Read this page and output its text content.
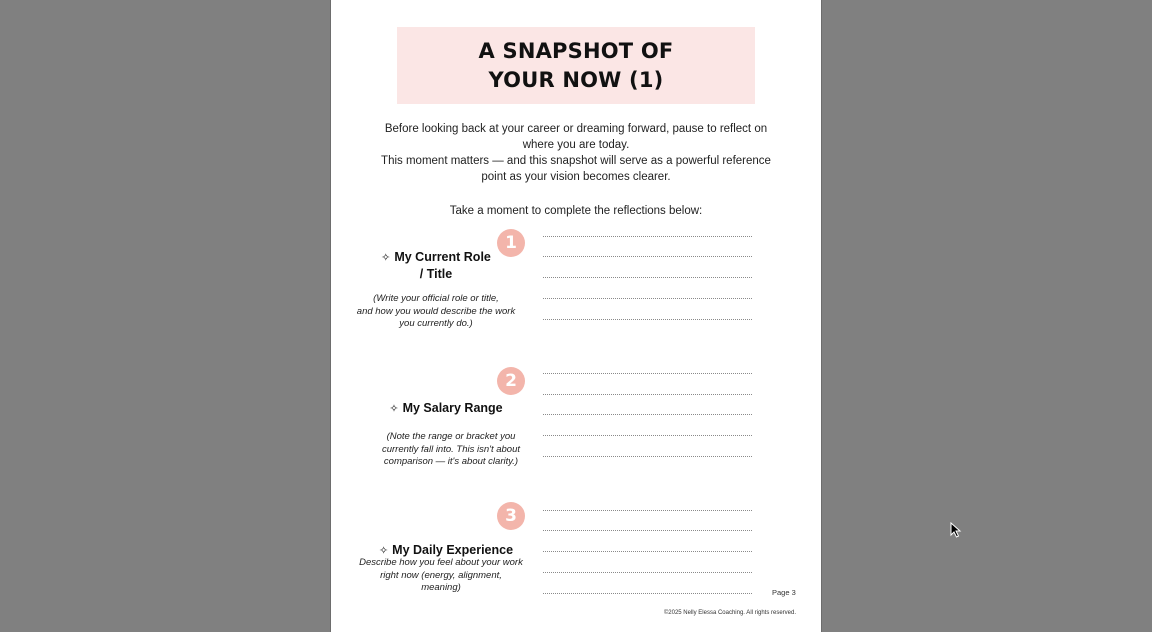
A SNAPSHOT OF
YOUR NOW (1)
Before looking back at your career or dreaming forward, pause to reflect on
where you are today.
This moment matters — and this snapshot will serve as a powerful reference
point as your vision becomes clearer.
Take a moment to complete the reflections below:
1
✧ My Current Role
/ Title
(Write your official role or title,
and how you would describe the work
you currently do.)
2
✧ My Salary Range
(Note the range or bracket you
currently fall into. This isn't about
comparison — it's about clarity.)
3
✧ My Daily Experience
Describe how you feel about your work
right now (energy, alignment,
meaning)	Page 3
©2025 Nelly Elessa Coaching. All rights reserved.
